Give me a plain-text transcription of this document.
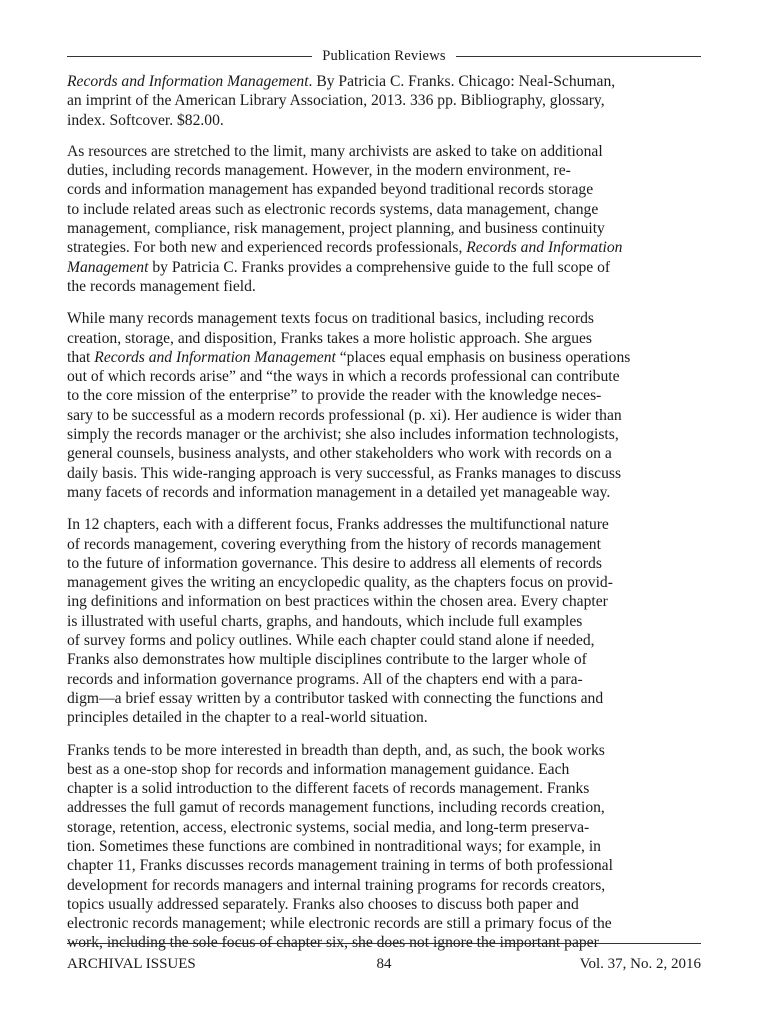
Publication Reviews

Records and Information Management. By Patricia C. Franks. Chicago: Neal-Schuman,
an imprint of the American Library Association, 2013. 336 pp. Bibliography, glossary,
index. Softcover. $82.00.

As resources are stretched to the limit, many archivists are asked to take on additional
duties, including records management. However, in the modern environment, re-
cords and information management has expanded beyond traditional records storage
to include related areas such as electronic records systems, data management, change
management, compliance, risk management, project planning, and business continuity
strategies. For both new and experienced records professionals, Records and Information
Management by Patricia C. Franks provides a comprehensive guide to the full scope of
the records management field.

While many records management texts focus on traditional basics, including records
creation, storage, and disposition, Franks takes a more holistic approach. She argues
that Records and Information Management “places equal emphasis on business operations
out of which records arise” and “the ways in which a records professional can contribute
to the core mission of the enterprise” to provide the reader with the knowledge neces-
sary to be successful as a modern records professional (p. xi). Her audience is wider than
simply the records manager or the archivist; she also includes information technologists,
general counsels, business analysts, and other stakeholders who work with records on a
daily basis. This wide-ranging approach is very successful, as Franks manages to discuss
many facets of records and information management in a detailed yet manageable way.

In 12 chapters, each with a different focus, Franks addresses the multifunctional nature
of records management, covering everything from the history of records management
to the future of information governance. This desire to address all elements of records
management gives the writing an encyclopedic quality, as the chapters focus on provid-
ing definitions and information on best practices within the chosen area. Every chapter
is illustrated with useful charts, graphs, and handouts, which include full examples
of survey forms and policy outlines. While each chapter could stand alone if needed,
Franks also demonstrates how multiple disciplines contribute to the larger whole of
records and information governance programs. All of the chapters end with a para-
digm—a brief essay written by a contributor tasked with connecting the functions and
principles detailed in the chapter to a real-world situation.

Franks tends to be more interested in breadth than depth, and, as such, the book works
best as a one-stop shop for records and information management guidance. Each
chapter is a solid introduction to the different facets of records management. Franks
addresses the full gamut of records management functions, including records creation,
storage, retention, access, electronic systems, social media, and long-term preserva-
tion. Sometimes these functions are combined in nontraditional ways; for example, in
chapter 11, Franks discusses records management training in terms of both professional
development for records managers and internal training programs for records creators,
topics usually addressed separately. Franks also chooses to discuss both paper and
electronic records management; while electronic records are still a primary focus of the
work, including the sole focus of chapter six, she does not ignore the important paper

ARCHIVAL ISSUES	84	Vol. 37, No. 2, 2016
